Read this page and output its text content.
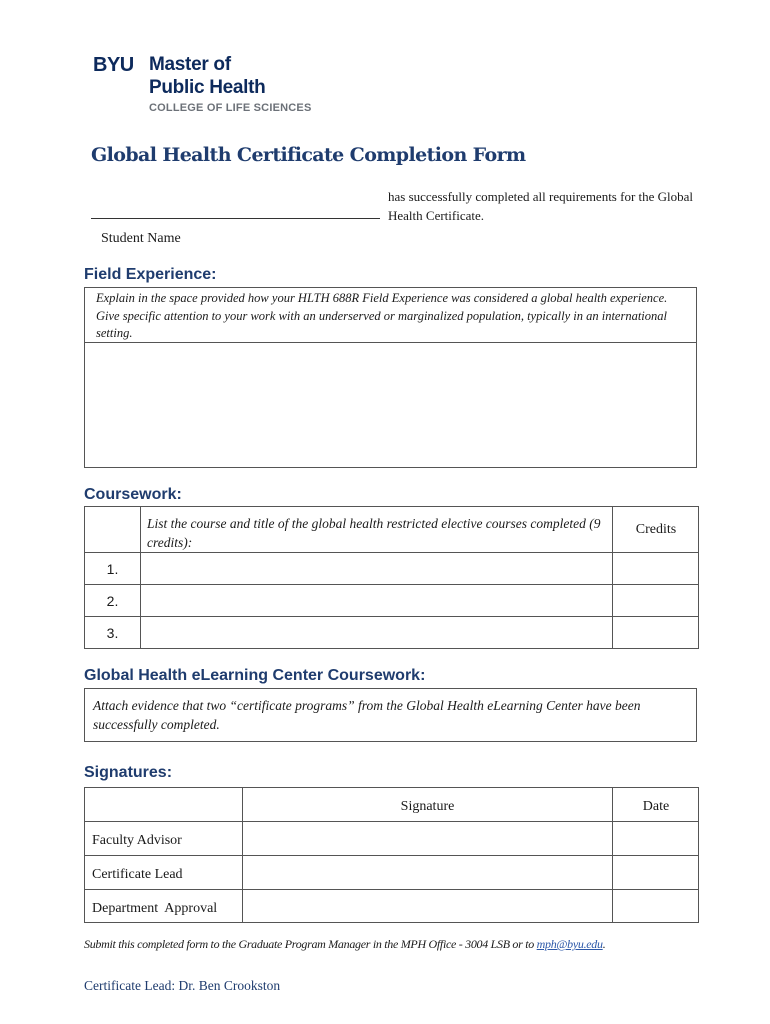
BYU Master of
Public Health
COLLEGE OF LIFE SCIENCES
Global Health Certificate Completion Form
has successfully completed all requirements for the Global Health Certificate.
Student Name
Field Experience:
Explain in the space provided how your HLTH 688R Field Experience was considered a global health experience. Give specific attention to your work with an underserved or marginalized population, typically in an international setting.
Coursework:
List the course and title of the global health restricted elective courses completed (9 credits):
Credits
1.
2.
3.
Global Health eLearning Center Coursework:
Attach evidence that two “certificate programs” from the Global Health eLearning Center have been successfully completed.
Signatures:
Signature	Date
Faculty Advisor
Certificate Lead
Department  Approval
Submit this completed form to the Graduate Program Manager in the MPH Office - 3004 LSB or to mph@byu.edu.
Certificate Lead: Dr. Ben Crookston
